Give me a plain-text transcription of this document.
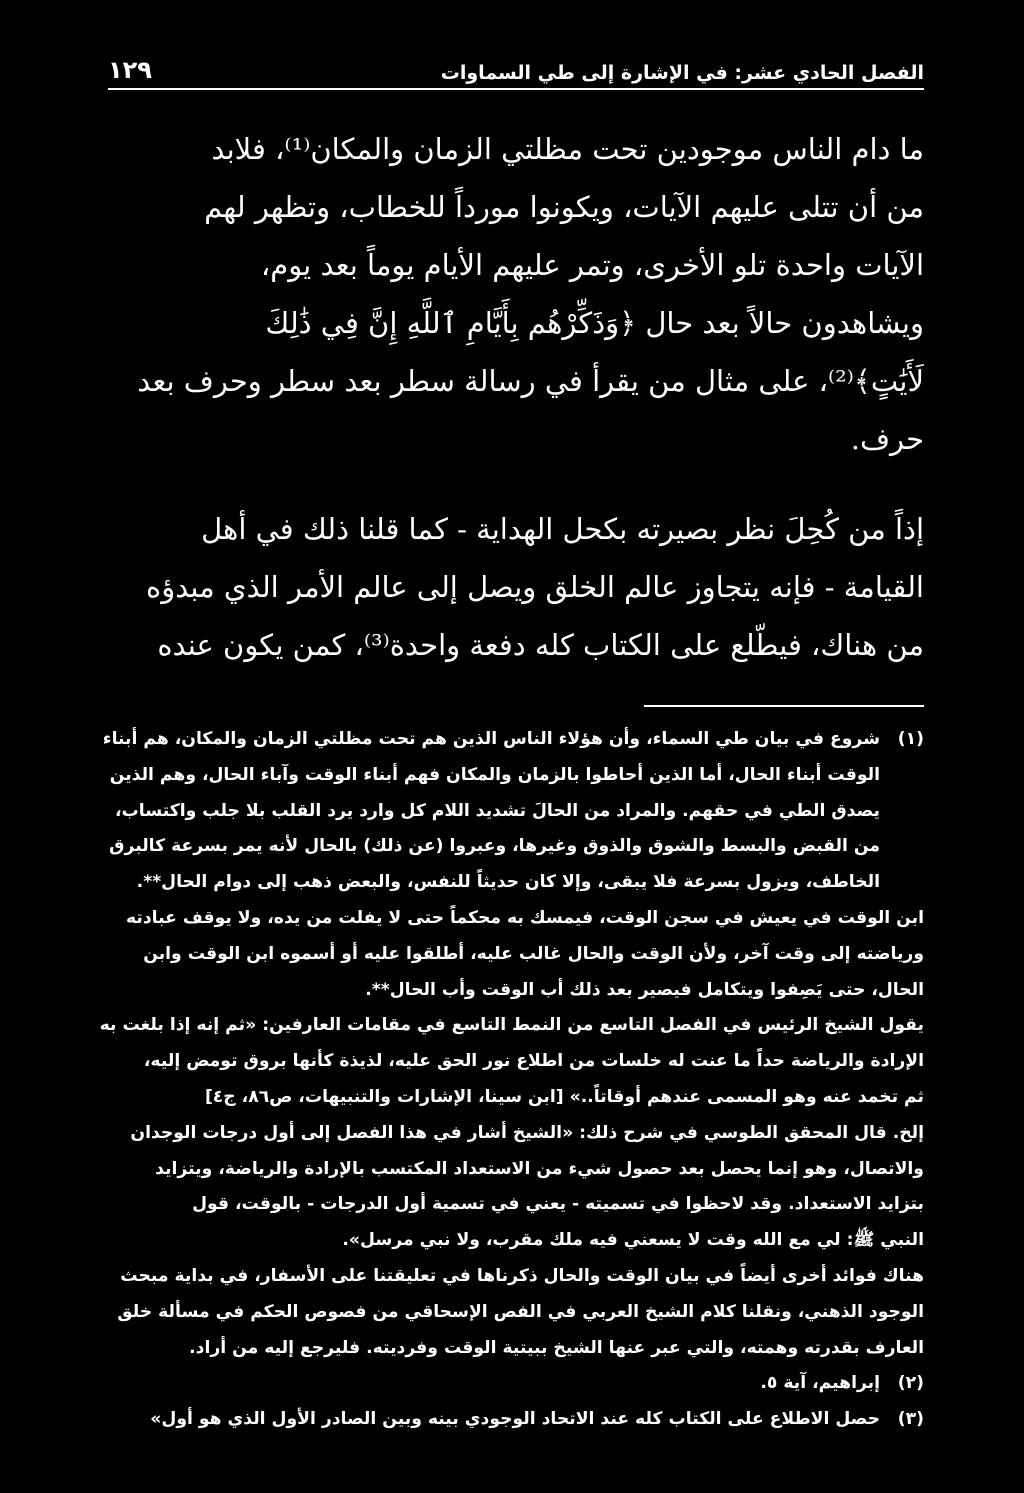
الفصل الحادي عشر: في الإشارة إلى طي السماوات
١٢٩

ما دام الناس موجودين تحت مظلتي الزمان والمكان⁽¹⁾، فلابد
من أن تتلى عليهم الآيات، ويكونوا مورداً للخطاب، وتظهر لهم
الآيات واحدة تلو الأخرى، وتمر عليهم الأيام يوماً بعد يوم،
ويشاهدون حالاً بعد حال ﴿وَذَكِّرْهُم بِأَيَّامِ ٱللَّهِ إِنَّ فِي ذَٰلِكَ
لَأَيَٰتٍ﴾⁽²⁾، على مثال من يقرأ في رسالة سطر بعد سطر وحرف بعد
حرف.

إذاً من كُحِلَ نظر بصيرته بكحل الهداية - كما قلنا ذلك في أهل
القيامة - فإنه يتجاوز عالم الخلق ويصل إلى عالم الأمر الذي مبدؤه
من هناك، فيطّلع على الكتاب كله دفعة واحدة⁽³⁾، كمن يكون عنده

(١)
شروع في بيان طي السماء، وأن هؤلاء الناس الذين هم تحت مظلتي الزمان والمكان، هم أبناء
الوقت أبناء الحال، أما الذين أحاطوا بالزمان والمكان فهم أبناء الوقت وآباء الحال، وهم الذين
يصدق الطي في حقهم. والمراد من الحالَ تشديد اللام كل وارد يرد القلب بلا جلب واكتساب،
من القبض والبسط والشوق والذوق وغيرها، وعبروا (عن ذلك) بالحال لأنه يمر بسرعة كالبرق
الخاطف، ويزول بسرعة فلا يبقى، وإلا كان حديثاً للنفس، والبعض ذهب إلى دوام الحال**.
ابن الوقت في يعيش في سجن الوقت، فيمسك به محكماً حتى لا يفلت من يده، ولا يوقف عبادته
ورياضته إلى وقت آخر، ولأن الوقت والحال غالب عليه، أطلقوا عليه أو أسموه ابن الوقت وابن
الحال، حتى يَصِفوا ويتكامل فيصير بعد ذلك أب الوقت وأب الحال**.
يقول الشيخ الرئيس في الفصل التاسع من النمط التاسع في مقامات العارفين: «ثم إنه إذا بلغت به
الإرادة والرياضة حداً ما عنت له خلسات من اطلاع نور الحق عليه، لذيذة كأنها بروق تومض إليه،
ثم تخمد عنه وهو المسمى عندهم أوقاتاً..» [ابن سينا، الإشارات والتنبيهات، ص٨٦، ج٤]
إلخ. قال المحقق الطوسي في شرح ذلك: «الشيخ أشار في هذا الفصل إلى أول درجات الوجدان
والاتصال، وهو إنما يحصل بعد حصول شيء من الاستعداد المكتسب بالإرادة والرياضة، ويتزايد
بتزايد الاستعداد. وقد لاحظوا في تسميته - يعني في تسمية أول الدرجات - بالوقت، قول
النبي ﷺ: لي مع الله وقت لا يسعني فيه ملك مقرب، ولا نبي مرسل».
هناك فوائد أخرى أيضاً في بيان الوقت والحال ذكرناها في تعليقتنا على الأسفار، في بداية مبحث
الوجود الذهني، ونقلنا كلام الشيخ العربي في الفص الإسحاقي من فصوص الحكم في مسألة خلق
العارف بقدرته وهمته، والتي عبر عنها الشيخ ببيتية الوقت وفرديته. فليرجع إليه من أراد.
(٢)
إبراهيم، آية ٥.
(٣)
حصل الاطلاع على الكتاب كله عند الاتحاد الوجودي بينه وبين الصادر الأول الذي هو أول»
